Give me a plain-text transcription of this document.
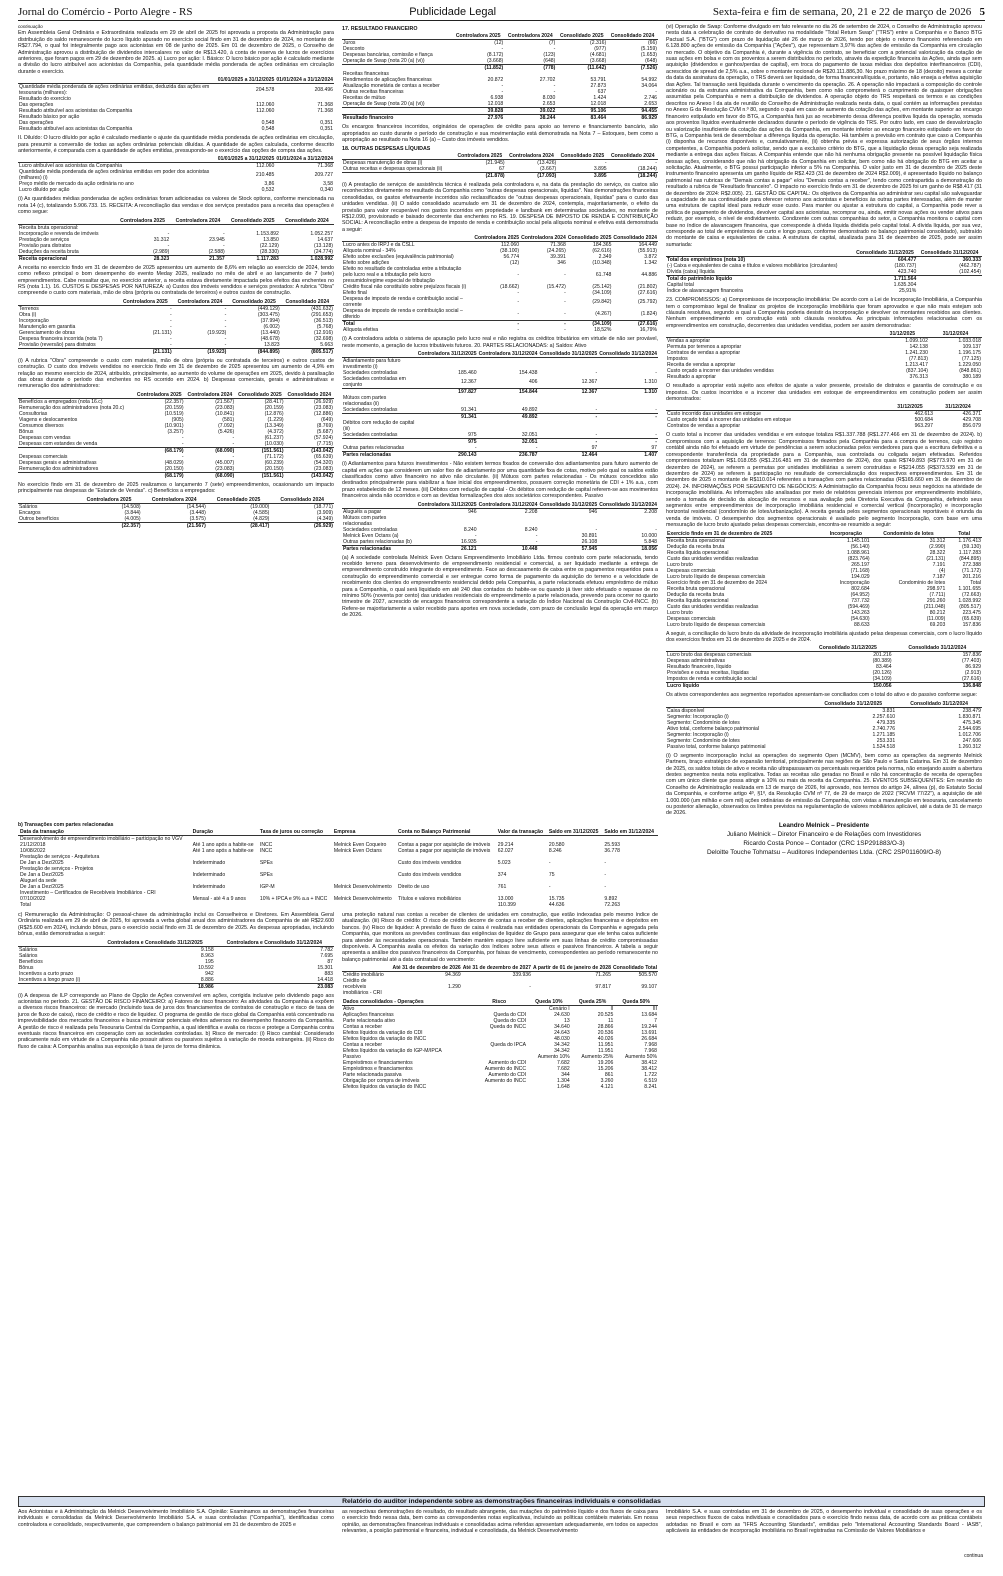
Jornal do Comércio - Porto Alegre - RS	Publicidade Legal	Sexta-feira e fim de semana, 20, 21 e 22 de março de 2026 5
continuação

Em Assembleia Geral Ordinária e Extraordinária realizada em 29 de abril de 2025 foi aprovada a proposta da Administração para distribuição do saldo remanescente do lucro líquido apurado no exercício social findo em 31 de dezembro de 2024, no montante de R$27.794, o qual foi integralmente pago aos acionistas em 08 de junho de 2025. Em 01 de dezembro de 2025, o Conselho de Administração aprovou a distribuição de dividendos intercalares no valor de R$13.420, à conta de reserva de lucros de exercícios anteriores, que foram pagos em 29 de dezembro de 2025. a) Lucro por ação: I. Básico: O lucro básico por ação é calculado mediante a divisão do lucro atribuível aos acionistas da Companhia, pela quantidade média ponderada de ações ordinárias em circulação durante o exercício.

	01/01/2025 a 31/12/2025	01/01/2024 a 31/12/2024
Quantidade média ponderada de ações ordinárias emitidas, deduzida das ações em tesouraria (milhares):	204.578	208.496
Resultado do exercício		
Das operações	112.060	71.368
Resultado atribuível aos acionistas da Companhia	112.060	71.368
Resultado básico por ação		
Das operações	0,548	0,351
Resultado atribuível aos acionistas da Companhia	0,548	0,351

II. Diluído: O lucro diluído por ação é calculado mediante o ajuste da quantidade média ponderada de ações ordinárias em circulação, para presumir a conversão de todas as ações ordinárias potenciais diluídas. A quantidade de ações calculada, conforme descrito anteriormente, é comparada com a quantidade de ações emitidas, pressupondo-se o exercício das opções de compra das ações.

	01/01/2025 a 31/12/2025	01/01/2024 a 31/12/2024
Lucro atribuível aos acionistas da Companhia	112.060	71.368
Quantidade média ponderada de ações ordinárias emitidas em poder dos acionistas (milhares) (i)	210.485	209.727
Preço médio de mercado da ação ordinária no ano	3,86	3,58
Lucro diluído por ação	0,532	0,340

(i) As quantidades médias ponderadas de ações ordinárias foram adicionadas os valores de Stock options, conforme mencionada na nota 14 (c), totalizando 5.906.733. 15. RECEITA: A reconciliação das vendas e dos serviços prestados para a receita das operações é como segue:

	Controladora 2025	Controladora 2024	Consolidado 2025	Consolidado 2024
Receita bruta operacional:				
Incorporação e revenda de imóveis	-	-	1.153.892	1.052.257
Prestação de serviços	31.312	23.945	13.850	14.637
Provisão para distratos	-	-	(22.129)	(13.128)
Deduções da receita bruta	(2.989)	(2.588)	(28.330)	(24.774)
Receita operacional	28.323	21.357	1.117.283	1.028.992

A receita no exercício findo em 31 de dezembro de 2025 apresentou um aumento de 8,6% em relação ao exercício de 2024, tendo como reflexo principal o bom desempenho do evento Meday 2025, realizado no mês de abril e ao lançamento de 7 (sete) empreendimentos. Cabe ressaltar que, no exercício anterior, a receita estava diretamente impactada pelos efeitos das enchentes no RS (nota 1.1). 16. CUSTOS E DESPESAS POR NATUREZA: a) Custos dos imóveis vendidos e serviços prestados: A rubrica "Obra" compreende o custo com materiais, mão de obra (própria ou contratada de terceiros) e outros custos de construção.

	Controladora 2025	Controladora 2024	Consolidado 2025	Consolidado 2024
Terrenos	-	-	(449.129)	(431.632)
Obra (i)	-	-	(303.475)	(291.653)
Incorporação	-	-	(37.994)	(36.513)
Manutenção em garantia	-	-	(6.002)	(5.768)
Gerenciamento de obras	(21.131)	(19.923)	(13.440)	(12.916)
Despesa financeira incorrida (nota 7)	-	-	(48.678)	(32.698)
Provisão (reversão) para distratos	-	-	13.823	5.663
	(21.131)	(19.923)	(844.895)	(805.517)

(i) A rubrica "Obra" compreende o custo com materiais, mão de obra (própria ou contratada de terceiros) e outros custos de construção. O custo dos imóveis vendidos no exercício findo em 31 de dezembro de 2025 apresentou um aumento de 4,9% em relação ao mesmo exercício de 2024, atribuído, principalmente, ao aumento do volume de operações em 2025, devido à paralisação das obras durante o período das enchentes no RS ocorrido em 2024. b) Despesas comerciais, gerais e administrativas e remuneração dos administradores:

	Controladora 2025	Controladora 2024	Consolidado 2025	Consolidado 2024
Benefícios a empregados (nota 16.c)	(22.357)	(21.567)	(28.417)	(26.929)
Remuneração dos administradores (nota 20.c)	(20.159)	(23.083)	(20.159)	(23.083)
Consultorias	(10.519)	(10.841)	(12.876)	(12.886)
Viagens e deslocamentos	(905)	(581)	(1.229)	(649)
Consumos diversos	(10.901)	(7.092)	(13.349)	(8.769)
Bônus	(3.257)	(5.426)	(4.372)	(5.687)
Despesas com vendas	-	-	(61.237)	(57.924)
Despesas com estandes de venda	-	-	(10.030)	(7.715)
	(68.179)	(68.090)	(151.561)	(143.042)
Despesas comerciais	-	-	(71.172)	(65.639)
Despesas gerais e administrativas	(48.029)	(45.007)	(60.239)	(54.320)
Remuneração dos administradores	(20.150)	(23.083)	(20.150)	(23.083)
	(68.179)	(68.090)	(151.561)	(143.042)

No exercício findo em 31 de dezembro de 2025 realizamos o lançamento 7 (sete) empreendimentos, ocasionando um impacto principalmente nas despesas de "Estande de Vendas". c) Benefícios a empregados:

	Controladora 2025	Controladora 2024	Consolidado 2025	Consolidado 2024
Salários	(14.508)	(14.544)	(19.000)	(18.771)
Encargos	(3.844)	(3.448)	(4.585)	(3.909)
Outros benefícios	(4.005)	(3.575)	(4.829)	(4.349)
	(22.357)	(21.567)	(28.417)	(26.929)
17. RESULTADO FINANCEIRO
	Controladora 2025	Controladora 2024	Consolidado 2025	Consolidado 2024
Juros	(12)	(7)	(2.316)	(66)
Desconto	-	-	(977)	(5.159)
Despesas bancárias, comissão e fiança	(8.172)	(123)	(4.681)	(1.653)
Operação de Swap (nota 20 (a) (vi))	(3.668)	(648)	(3.668)	(648)
	(11.852)	(778)	(11.642)	(7.526)
Receitas financeiras				
Rendimentos de aplicações financeiras	20.872	27.702	53.791	54.992
Atualização monetária de contas a receber	-	-	27.873	34.064
Outras receitas financeiras	-	-	637	-
Receitas de mútuo	6.938	8.030	1.424	2.746
Operação de Swap (nota 20 (a) (vi))	12.018	2.653	12.018	2.653
	39.828	39.022	95.106	94.455
Resultado financeiro	27.976	38.244	83.464	86.929

Os encargos financeiros incorridos, originários de operações de crédito para apoio ao terreno e financiamento bancário, são apropriados ao custo durante o período de construção e sua movimentação está demonstrada na Nota 7 – Estoques, bem como a apropriação ao resultado na Nota 16 (a) – Custo dos imóveis vendidos.

18. OUTRAS DESPESAS LÍQUIDAS
	Controladora 2025	Controladora 2024	Consolidado 2025	Consolidado 2024
Despesas manutenção de obras (i)	(21.945)	(13.426)	-	-
Outras receitas e despesas operacionais (ii)	67	(3.667)	3.895	(18.244)
	(21.878)	(17.093)	3.895	(18.244)

(i) A prestação de serviços de assistência técnica é realizada pela controladora e, na data da prestação do serviço, os custos são reconhecidos diretamente no resultado da Companhia como "outras despesas operacionais, líquidas". Nas demonstrações financeiras consolidadas, os gastos efetivamente incorridos são reclassificados de "outras despesas operacionais, líquidas" para o custo das unidades vendidas. (ii) O saldo consolidado acumulado em 31 de dezembro de 2024, contempla, majoritariamente, o efeito da provisão para valor recuperável nos gastos incorridos em propriedade e landbank em determinadas sociedades, no montante de R$12.090, provisionado e baixado decorrente das enchentes no RS. 19. DESPESA DE IMPOSTO DE RENDA E CONTRIBUIÇÃO SOCIAL: A reconciliação entre a despesa de imposto de renda e contribuição social pela alíquota nominal e efetiva está demonstrada a seguir:

	Controladora 2025	Controladora 2024	Consolidado 2025	Consolidado 2024
Lucro antes do IRPJ e da CSLL	112.060	71.368	184.365	164.449
Alíquota nominal - 34%	(38.100)	(24.265)	(62.616)	(55.913)
Efeito sobre exclusões (equivalência patrimonial)	56.774	39.391	2.349	3.872
Efeito sobre adições	(12)	346	(10.348)	1.342
Efeito no resultado de controladas entre a tributação pelo lucro real e a tributação pelo lucro presumido/regime especial de tributação	-	-	61.748	44.886
Crédito fiscal não constituído sobre prejuízos fiscais (i)	(18.662)	(15.472)	(25.142)	(21.802)
Efeito final	-	-	(34.109)	(27.616)
Despesa de imposto de renda e contribuição social – corrente	-	-	(29.842)	(25.792)
Despesa de imposto de renda e contribuição social – diferido	-	-	(4.267)	(1.824)
Total	-	-	(34.109)	(27.616)
Alíquota efetiva	-	-	18,52%	16,79%

(i) A controladora adota o sistema de apuração pelo lucro real e não registra os créditos tributários em virtude de não ser provável, neste momento, a geração de lucros tributáveis futuros. 20. PARTES RELACIONADAS: a) Saldos: Ativo

	Controladora 31/12/2025	Controladora 31/12/2024	Consolidado 31/12/2025	Consolidado 31/12/2024
Adiantamento para futuro investimento (i)				
Sociedades controladas	185.460	154.438	-	-
Sociedades controladas em conjunto	12.367	406	12.367	1.310
	197.827	154.844	12.367	1.310
Mútuos com partes relacionadas (ii)				
Sociedades controladas	91.341	49.892	-	-
	91.341	49.892	-	-
Débitos com redução de capital (iii)				
Sociedades controladas	975	32.051	-	-
	975	32.051	-	-
Outras partes relacionadas	-	-	97	97
Partes relacionadas	290.143	236.787	12.464	1.407

(i) Adiantamentos para futuros investimentos - Não existem termos fixados de conversão dos adiantamentos para futuro aumento de capital em ações que considerem um valor fixo de adiantamento por uma quantidade fixa de cotas, motivo pelo qual os saldos estão classificados como ativo financeiro no ativo não circulante. (ii) Mútuos com partes relacionadas - Os mútuos concedidos são destinados principalmente para viabilizar a fase inicial dos empreendimentos, possuem correção monetária de CDI + 1% a.a., com prazo estabelecido de 12 meses. (iii) Débitos com redução de capital - Os débitos com redução de capital referem-se aos movimentos financeiros ainda não ocorridos e com as devidas formalizações dos atos societários correspondentes. Passivo

	Controladora 31/12/2025	Controladora 31/12/2024	Consolidado 31/12/2025	Consolidado 31/12/2024
Aluguéis a pagar	946	2.208	946	2.208
Mútuos com partes relacionadas				
Sociedades controladas	8.240	8.240	-	-
Melnick Even Octans (a)	-	-	30.891	10.000
Outras partes relacionadas (b)	16.935	-	26.108	5.848
Partes relacionadas	26.121	10.448	57.945	18.056

(a) A sociedade controlada Melnick Even Octans Empreendimento Imobiliário Ltda. firmou contrato com parte relacionada, tendo recebido terreno para desenvolvimento de empreendimento residencial e comercial, a ser liquidado mediante a entrega de empreendimento construído integrante do empreendimento. Face ao descasamento de caixa entre os pagamentos requeridos para a construção do empreendimento comercial e ser entregue como forma de pagamento da aquisição do terreno e a velocidade de recebimento dos clientes do empreendimento residencial detido pela Companhia, a parte relacionada efetuou empréstimo de mútuo para a Companhia, o qual será liquidado em até 240 dias contados do habite-se ou quando já tiver sido efetuado o repasse de no mínimo 50% (noventa por cento) das unidades residenciais do empreendimento a parte relacionada, prevendo para ocorrer no quarto trimestre de 2027, acrescido de encargos financeiros correspondente a variação do Índice Nacional da Construção Civil-INCC. (b) Refere-se majoritariamente a valor recebido para aportes em nova sociedade, com prazo de conclusão legal da operação em março de 2026.

(vi) Operação de Swap: Conforme divulgado em fato relevante no dia 26 de setembro de 2024, o Conselho de Administração aprovou nesta data a celebração de contrato de derivativo na modalidade "Total Return Swap" ("TRS") entre a Companhia e o Banco BTG Pactual S.A. ("BTG") com prazo de liquidação até 26 de março de 2026, tendo por objeto o retorno financeiro referenciado em 6.128.800 ações de emissão da Companhia ("Ações"), que representam 3,97% das ações de emissão da Companhia em circulação no mercado. O objetivo da Companhia é, durante a vigência do contrato, se beneficiar com a potencial valorização da cotação de suas ações em bolsa e com os proventos a serem distribuídos no período, através da expedição financeira às Ações, ainda que sem aquisição (dividendos e ganhos/perdas de capital), em troca do pagamento de taxas médias dos depósitos interfinanceiros (CDI), acrescidos de spread de 2,5% a.a., sobre o montante nocional de R$20.111.886,30. No prazo máximo de 18 (dezoito) meses a contar da data da assinatura da operação, o TRS deverá ser liquidado, de forma financeira/líquida e, portanto, não enseja a efetiva aquisição das Ações. Tal transação será liquidada durante o vencimento da operação. 26. A operação não impactará a composição do controle acionário ou da estrutura administrativa da Companhia, bem como não comprometerá o cumprimento de quaisquer obrigações assumidas pela Companhia e nem a distribuição de dividendos. A operação objeto do TRS respeitará os termos e as condições descritos no Anexo I da ata de reunião do Conselho de Administração realizada nesta data, o qual contém as informações previstas no Anexo G da Resolução CVM n.º 80, segundo o qual em caso de aumento da cotação das ações, em montante superior ao encargo financeiro estipulado em favor do BTG, a Companhia fará jus ao recebimento dessa diferença positiva líquida da operação, somada aos proventos líquidos eventualmente declarados durante o período de vigência do TRS. Por outro lado, em caso de desvalorização ou valorização insuficiente da cotação das ações da Companhia, em montante inferior ao encargo financeiro estipulado em favor do BTG, a Companhia terá de desembolsar a diferença líquida da operação. Há também a previsão em contrato que caso a Companhia (i) disponha de recursos disponíveis e, cumulativamente, (ii) obtenha prévia e expressa autorização de seus órgãos internos competentes, a Companhia poderá solicitar, sendo que a exclusivo critério do BTG, que a liquidação dessa operação seja realizada mediante a entrega das ações físicas. A Companhia entende que não há nenhuma obrigação presente na possível liquidação física dessas ações, considerando que não há obrigação da Companhia em solicitar, bem como não há obrigação do BTG em aceitar a solicitação. Atualmente, o BTG possui participação inferior a 5% na Companhia. O valor justo em 31 de dezembro de 2025 deste instrumento financeiro apresenta um ganho líquido de R$2.423 (31 de dezembro de 2024 R$2.009), é apresentado líquido no balanço patrimonial nas rubricas de "Demais contas a pagar" e/ou "Demais contas a receber", tendo como contrapartida a demonstração do resultado a rubrica de "Resultado financeiro". O impacto no exercício findo em 31 de dezembro de 2025 foi um ganho de R$8.417 (31 de dezembro de 2024: R$2.005). 21. GESTÃO DE CAPITAL: Os objetivos da Companhia ao administrar seu capital são salvaguardar a capacidade de sua continuidade para oferecer retorno aos acionistas e benefícios às outras partes interessadas, além de manter uma estrutura de capital ideal para reduzir esse custo. Para manter ou ajustar a estrutura do capital, a Companhia pode rever a política de pagamento de dividendos, devolver capital aos acionistas, recomprar ou, ainda, emitir novas ações ou vender ativos para reduzir, por exemplo, o nível de endividamento. Condizente com outras companhias do setor, a Companhia monitora o capital com base no índice de alavancagem financeira, que corresponde à dívida líquida dividida pelo capital total. A dívida líquida, por sua vez, corresponde ao total de empréstimos de curto e longo prazo, conforme demonstrado no balanço patrimonial consolidado), subtraído do montante de caixa e equivalentes de caixa. A estrutura de capital, atualizada para 31 de dezembro de 2025, pode ser assim sumariada:

	Consolidado 31/12/2025	Consolidado 31/12/2024
Total dos empréstimos (nota 10)	604.477	360.333
(-) Caixa e equivalentes de caixa e títulos e valores mobiliários (circulantes)	(180.737)	(462.787)
Dívida (caixa) líquida	423.740	(102.454)
Total do patrimônio líquido	1.711.564	
Capital total	1.635.304	
Índice de alavancagem financeira	25,91%	

23. COMPROMISSOS: a) Compromissos de incorporação imobiliária: De acordo com a Lei de Incorporação Imobiliária, a Companhia tem o compromisso legal de finalizar os projetos de incorporação imobiliária que foram aprovados e que não mais estejam sob cláusula resolutiva, segundo a qual a Companhia poderia desistir da incorporação e devolver os montantes recebidos aos clientes. Nenhum empreendimento em construção está sob cláusula resolutiva. As principais informações relacionadas com os empreendimentos em construção, decorrentes das unidades vendidas, podem ser assim demonstradas:

	31/12/2025	31/12/2024
Vendas a apropriar	1.099.102	1.033.018
Permuta por terrenos a apropriar	142.138	109.137
Contratos de vendas a apropriar	1.241.230	1.196.175
Impostos	(77.813)	(77.125)
Receita de vendas a apropriar	1.213.417	1.229.050
Custo orçado a incorrer das unidades vendidas	(837.104)	(848.861)
Resultado a apropriar	376.313	380.189

O resultado a apropriar está sujeito aos efeitos de ajuste a valor presente, provisão de distratos e garantia de construção e os impostos. Os custos incorridos e a incorrer das unidades em estoque de empreendimentos em construção podem ser assim demonstrados:

	31/12/2025	31/12/2024
Custo incorrido das unidades em estoque	462.613	426.371
Custo orçado total a incorrer das unidades em estoque	500.684	429.708
Contratos de vendas a apropriar	963.297	856.079

O custo total a incorrer das unidades vendidas e em estoque totaliza R$1.337.788 (R$1.277.466 em 31 de dezembro de 2024). b) Compromissos com a aquisição de terrenos: Compromissos firmados pela Companhia para a compra de terrenos, cujo registro contábil ainda não foi efetuado em virtude de pendências a serem solucionadas pelos vendedores para que a escritura definitiva e a correspondente transferência da propriedade para a Companhia, sua controlada ou coligada sejam efetivadas. Referidos compromissos totalizam R$1.018.055 (R$1.216.481 em 31 de dezembro de 2024), dos quais R$749.893 (R$773.970 em 31 de dezembro de 2024), se referem a permutas por unidades imobiliárias a serem construídas e R$214.055 (R$373.539 em 31 de dezembro de 2024) se referem à participação no resultado de comercialização dos respectivos empreendimentos. Em 31 de dezembro de 2025 o montante de R$110.014 referentes a transações com partes relacionadas (R$165.660 em 31 de dezembro de 2024). 24. INFORMAÇÕES POR SEGMENTO DE NEGÓCIOS: A Administração da Companhia focou seus negócios na atividade de incorporação imobiliária. As informações são analisadas por meio de relatórios gerenciais internos por empreendimento imobiliário, sendo a tomada de decisão da alocação de recursos e sua avaliação pela Diretoria Executiva da Companhia, definindo seus segmentos entre empreendimentos de incorporação imobiliária residencial e comercial vertical (Incorporação) e incorporação horizontal residencial (condomínio de lotes/urbanização). A receita gerada pelos segmentos operacionais reportáveis é oriunda da venda de imóveis. O desempenho dos segmentos operacionais é avaliado pelo segmento Incorporação, com base em uma mensuração de lucro bruto ajustado pelas despesas comerciais, encontra-se resumido a seguir:

Exercício findo em 31 de dezembro de 2025	Incorporação	Condomínio de lotes	Total
Receita bruta operacional	1.145.101	31.312	1.176.413
Dedução da receita bruta	(56.140)	(2.990)	(59.130)
Receita líquida operacional	1.088.961	28.322	1.117.283
Custo das unidades vendidas realizadas	(823.764)	(21.131)	(844.895)
Lucro bruto	265.197	7.191	272.388
Despesas comerciais	(71.168)	(4)	(71.172)
Lucro bruto líquido de despesas comerciais	194.029	7.187	201.216
Exercício findo em 31 de dezembro de 2024	Incorporação	Condomínio de lotes	Total
Receita bruta operacional	802.684	298.971	1.101.655
Dedução da receita bruta	(64.952)	(7.711)	(72.663)
Receita líquida operacional	737.732	291.260	1.028.992
Custo das unidades vendidas realizadas	(594.469)	(211.048)	(805.517)
Lucro bruto	143.263	80.212	223.475
Despesas comerciais	(54.630)	(11.009)	(65.639)
Lucro bruto líquido de despesas comerciais	88.633	69.203	157.836

A seguir, a conciliação do lucro bruto da atividade de incorporação imobiliária ajustado pelas despesas comerciais, com o lucro líquido dos exercícios findos em 31 de dezembro de 2025 e de 2024.

	Consolidado 31/12/2025	Consolidado 31/12/2024
Lucro bruto das despesas comerciais	201.216	157.836
Despesas administrativas	(80.389)	(77.403)
Resultado financeiro, líquido	83.464	86.929
Provisões e outras receitas, líquidas	(20.126)	(2.913)
Impostos de renda e contribuição social	(34.109)	(27.616)
Lucro líquido	150.056	136.848

Os ativos correspondentes aos segmentos reportados apresentam-se conciliados com o total do ativo e do passivo conforme segue:

	Consolidado 31/12/2025	Consolidado 31/12/2024
Caixa disponível	3.831	238.479
Segmento: Incorporação (i)	2.257.610	1.830.871
Segmento: Condomínio de lotes	479.335	475.345
Ativo total, conforme balanço patrimonial	2.740.776	2.544.695
Segmento: Incorporação (i)	1.271.185	1.012.706
Segmento: Condomínio de lotes	253.331	247.606
Passivo total, conforme balanço patrimonial	1.524.518	1.260.312

(i) O segmento incorporação inclui as operações do segmento Open (MCMV), bem como as operações da segmento Melnick Partners, braço estratégico de expansão territorial, principalmente nas regiões de São Paulo e Santa Catarina. Em 31 de dezembro de 2025, os saldos totais de ativo e receita não ultrapassavam os percentuais requeridos pela norma, não ensejando assim a abertura destes segmentos nesta nota explicativa. Todas as receitas são geradas no Brasil e não há concentração de receita de operações com um único cliente que possa atingir a 10% ou mais da receita da Companhia. 25. EVENTOS SUBSEQUENTES: Em reunião do Conselho de Administração realizada em 13 de março de 2026, foi aprovado, nos termos do artigo 24, alínea (p), do Estatuto Social da Companhia, e conforme artigo 4º, §1º, da Resolução CVM nº 77, de 29 de março de 2022 ("RCVM 77/22"), a aquisição de até 1.000.000 (um milhão e cem mil) ações ordinárias de emissão da Companhia, com vistas a manutenção em tesouraria, cancelamento ou posterior alienação, observados os limites previstos na regulamentação de valores mobiliários aplicável, até a data de 31 de março de 2026.

Leandro Melnick – Presidente
Juliano Melnick – Diretor Financeiro e de Relações com Investidores
Ricardo Costa Ponce – Contador (CRC 1SP291883/O-3)
Deloitte Touche Tohmatsu – Auditores Independentes Ltda. (CRC 2SP011609/O-8)
b) Transações com partes relacionadas
Data da transação	Duração	Taxa de juros ou correção	Empresa	Conta no Balanço Patrimonial	Valor da transação	Saldo em 31/12/2025	Saldo em 31/12/2024
Desenvolvimento de empreendimento imobiliário – participação no VGV							
21/12/2018	Até 1 ano após a habite-se	INCC	Melnick Even Coqueiro	Contas a pagar por aquisição de imóveis	29.214	20.580	25.593
10/08/2022	Até 1 ano após a habite-se	INCC	Melnick Even Octans	Contas a pagar por aquisição de imóveis	62.027	8.246	36.778
Prestação de serviços - Arquitetura							
De Jan a Dez/2025	Indeterminado	SPEs		Custo dos imóveis vendidos	5.023	-	-
Prestação de serviços - Projetos							
De Jan a Dez/2025	Indeterminado	SPEs		Custo dos imóveis vendidos	374	75	-
Aluguel da sede							
De Jan a Dez/2025	Indeterminado	IGP-M	Melnick Desenvolvimento	Direito de uso	761	-	-
Investimento – Certificados de Recebíveis Imobiliários - CRI							
07/10/2022	Mensal - até 4 a 9 anos	10% + IPCA e 9% a.a + INCC	Melnick Desenvolvimento	Títulos e valores mobiliários	13.000	15.735	9.892
Total					110.399	44.636	72.263

c) Remuneração da Administração: O pessoal-chave da administração inclui os Conselheiros e Diretores. Em Assembleia Geral Ordinária realizada em 29 de abril de 2025, foi aprovada a verba global anual dos administradores da Companhia de até R$22.600 (R$25.600 em 2024), incluindo bônus, para o exercício social findo em 31 de dezembro de 2025. As despesas apropriadas, incluindo bônus, estão demonstradas a seguir:

	Controladora e Consolidado 31/12/2025	Controladora e Consolidado 31/12/2024
Salários	9.158	7.782
Salários	8.963	7.695
Benefícios	195	87
Bônus	10.592	15.301
Incentivos a curto prazo	942	883
Incentivos a longo prazo (i)	8.886	14.418
	18.986	23.083

(i) A despesa de ILP corresponde ao Plano de Opção de Ações conversível em ações, corrigida inclusive pelo dividendo pago aos acionistas no período. 21. GESTÃO DE RISCO FINANCEIRO: a) Fatores de risco financeiro: As atividades da Companhia a expõem a diversos riscos financeiros: de mercado (incluindo taxa de juros dos financiamentos de contratos de construção e risco de taxa de juros de fluxo de caixa), risco de crédito e risco de liquidez. O programa de gestão de risco global da Companhia está concentrado na imprevisibilidade dos mercados financeiros e busca minimizar potenciais efeitos adversos no desempenho financeiro da Companhia. A gestão de risco é realizada pela Tesouraria Central da Companhia, a qual identifica e avalia os riscos e protege a Companhia contra eventuais riscos financeiros em cooperação com as sociedades controladas. b) Risco de mercado: (i) Risco cambial: Considerado praticamente nulo em virtude de a Companhia não possuir ativos ou passivos sujeitos à variação de moeda estrangeira. (ii) Risco do fluxo de caixa: A Companhia analisa sua exposição à taxa de juros de forma dinâmica.

uma proteção natural nas contas a receber de clientes de unidades em construção, que estão indexadas pelo mesmo índice de atualização. (iii) Risco de crédito: O risco de crédito decorre de contas a receber de clientes, aplicações financeiras e depósitos em bancos. (iv) Risco de liquidez: A previsão de fluxo de caixa é realizada nas entidades operacionais da Companhia e agregada pela Companhia, que monitora as previsões contínuas das exigências de liquidez do Grupo para assegurar que ele tenha caixa suficiente para atender às necessidades operacionais. Também mantém espaço livre suficiente em suas linhas de crédito compromissadas disponíveis. A Companhia avalia os efeitos da variação dos índices sobre seus ativos e passivos financeiros. A tabela a seguir apresenta a análise dos passivos financeiros da Companhia, por faixas de vencimento, correspondentes ao período remanescente no balanço patrimonial até a data contratual do vencimento:

	Até 31 de dezembro de 2026	Até 31 de dezembro de 2027	A partir de 01 de janeiro de 2028	Consolidado Total
Crédito imobiliário	94.369	339.936	71.265	505.570
Crédito de recebíveis imobiliários - CRI	1.290	-	97.817	99.107
Dados consolidados - Operações	Risco	Queda 10%	Queda 25%	Queda 50%
Ativo		Cenário I	II	III
Aplicações financeiras	Queda do CDI	24.630	20.525	13.684
Parte relacionada ativo	Queda do CDI	13	11	7
Contas a receber	Queda do INCC	34.640	28.866	19.244
Efeitos líquidos da variação do CDI		24.643	20.536	13.691
Efeitos líquidos da variação do INCC		48.030	40.026	26.684
Contas a receber	Queda do IPCA	34.342	11.951	7.968
Efeitos líquidos da variação do IGP-M/IPCA		34.342	11.951	7.968
Passivo		Aumento 10%	Aumento 25%	Aumento 50%
Empréstimos e financiamentos	Aumento do CDI	7.682	19.206	38.412
Empréstimos e financiamentos	Aumento do INCC	7.682	15.206	38.412
Parte relacionada passiva	Aumento do CDI	344	861	1.722
Obrigação por compra de imóveis	Aumento do INCC	1.304	3.260	6.519
Efeitos líquidos da variação do INCC		1.648	4.121	8.241
Relatório do auditor independente sobre as demonstrações financeiras individuais e consolidadas
Aos Acionistas e à Administração da Melnick Desenvolvimento Imobiliário S.A. Opinião: Examinamos as demonstrações financeiras individuais e consolidadas da Melnick Desenvolvimento Imobiliário S.A. e suas controladas ("Companhia"), identificadas como controladora e consolidado, respectivamente, que compreendem o balanço patrimonial em 31 de dezembro de 2025 e
as respectivas demonstrações do resultado, do resultado abrangente, das mutações do patrimônio líquido e dos fluxos de caixa para o exercício findo nessa data, bem como as correspondentes notas explicativas, incluindo as políticas contábeis materiais. Em nossa opinião, as demonstrações financeiras individuais e consolidadas acima referidas apresentam adequadamente, em todos os aspectos relevantes, a posição patrimonial e financeira, individual e consolidada, da Melnick Desenvolvimento
Imobiliário S.A. e suas controladas em 31 de dezembro de 2025, o desempenho individual e consolidado de suas operações e os seus respectivos fluxos de caixa individuais e consolidados para o exercício findo nessa data, de acordo com as práticas contábeis adotadas no Brasil e com as "IFRS Accounting Standards", emitidas pelo "International Accounting Standards Board - IASB", aplicáveis às entidades de incorporação imobiliária no Brasil registradas na Comissão de Valores Mobiliários e
continua
